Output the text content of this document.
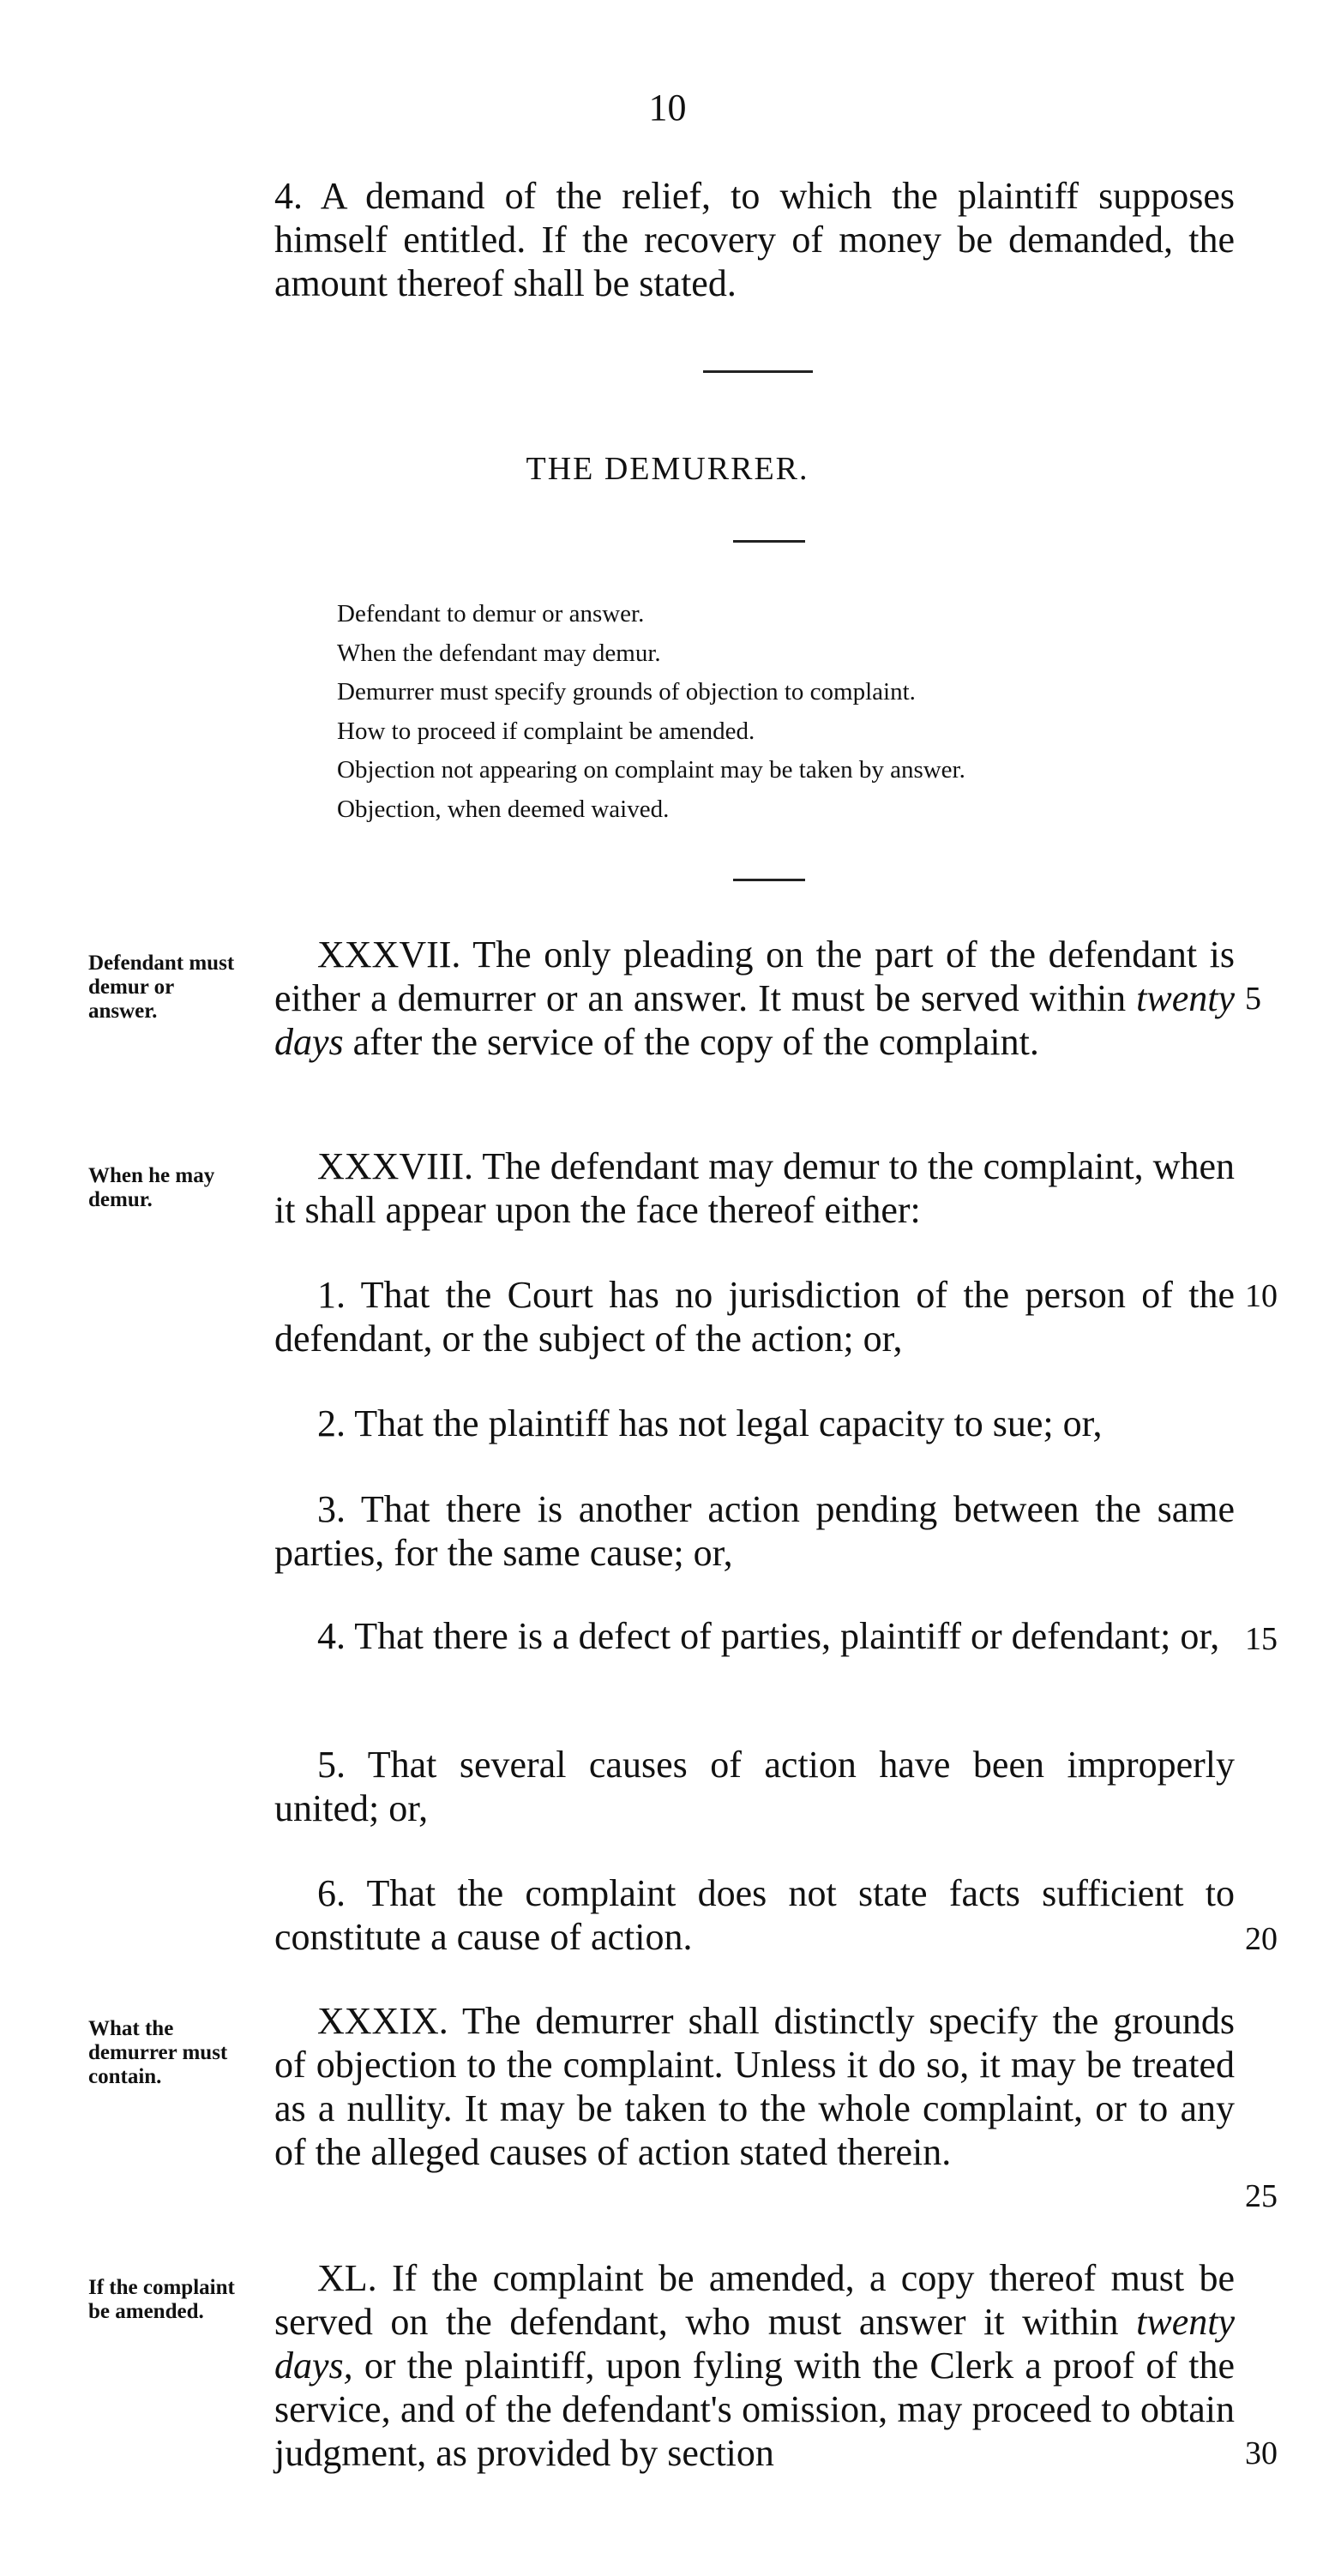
10

4. A demand of the relief, to which the plaintiff supposes himself entitled. If the recovery of money be demanded, the amount thereof shall be stated.

THE DEMURRER.
Defendant to demur or answer.
When the defendant may demur.
Demurrer must specify grounds of objection to complaint.
How to proceed if complaint be amended.
Objection not appearing on complaint may be taken by answer.
Objection, when deemed waived.
Defendant must demur or answer.

XXXVII. The only pleading on the part of the defendant is either a demurrer or an answer. It must be served within twenty days after the service of the copy of the complaint.

When he may demur.

XXXVIII. The defendant may demur to the complaint, when it shall appear upon the face thereof either:

1. That the Court has no jurisdiction of the person of the defendant, or the subject of the action; or,

2. That the plaintiff has not legal capacity to sue; or,

3. That there is another action pending between the same parties, for the same cause; or,

4. That there is a defect of parties, plaintiff or defendant; or,

5. That several causes of action have been improperly united; or,

6. That the complaint does not state facts sufficient to constitute a cause of action.

What the demurrer must contain.

XXXIX. The demurrer shall distinctly specify the grounds of objection to the complaint. Unless it do so, it may be treated as a nullity. It may be taken to the whole complaint, or to any of the alleged causes of action stated therein.

If the complaint be amended.

XL. If the complaint be amended, a copy thereof must be served on the defendant, who must answer it within twenty days, or the plaintiff, upon fyling with the Clerk a proof of the service, and of the defendant's omission, may proceed to obtain judgment, as provided by section

5
10
15
20
25
30
